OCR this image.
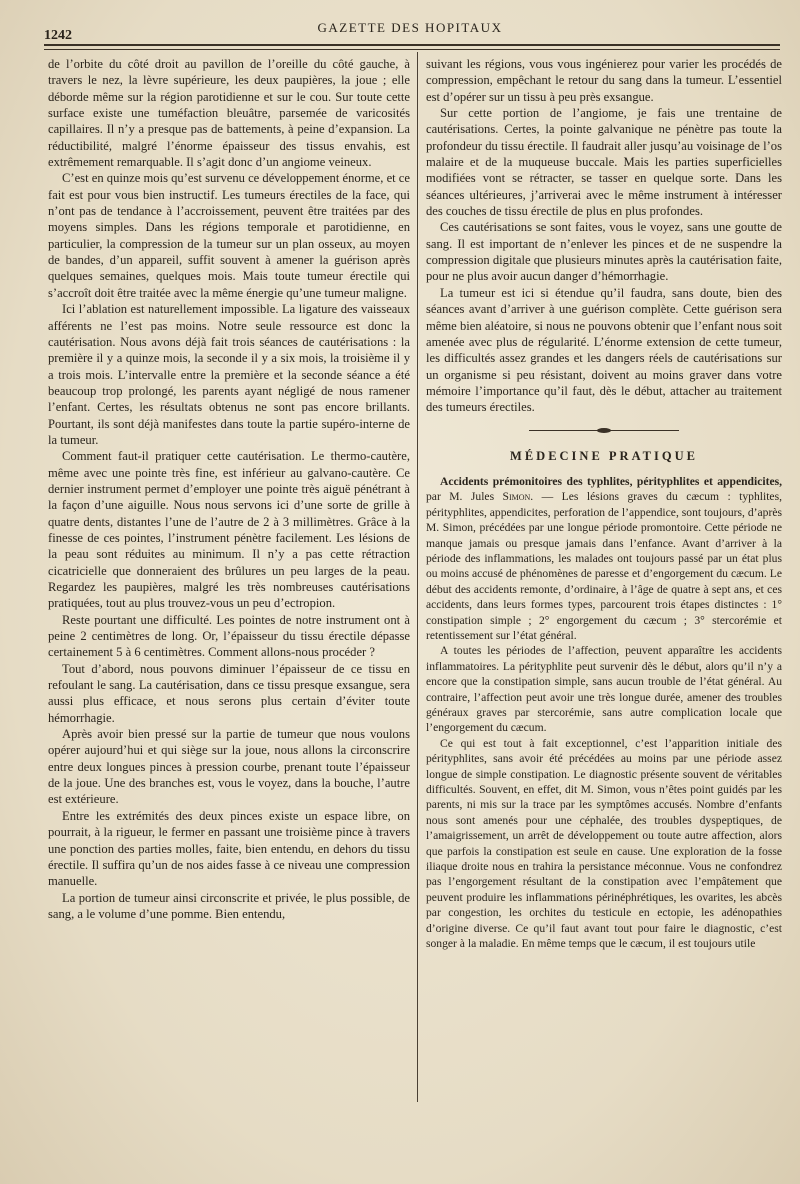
1242
GAZETTE DES HOPITAUX

de l’orbite du côté droit au pavillon de l’oreille du côté gauche, à travers le nez, la lèvre supérieure, les deux paupières, la joue ; elle déborde même sur la région parotidienne et sur le cou. Sur toute cette surface existe une tuméfaction bleuâtre, parsemée de varicosités capillaires. Il n’y a presque pas de battements, à peine d’expansion. La réductibilité, malgré l’énorme épaisseur des tissus envahis, est extrêmement remarquable. Il s’agit donc d’un angiome veineux.

C’est en quinze mois qu’est survenu ce développement énorme, et ce fait est pour vous bien instructif. Les tumeurs érectiles de la face, qui n’ont pas de tendance à l’accroissement, peuvent être traitées par des moyens simples. Dans les régions temporale et parotidienne, en particulier, la compression de la tumeur sur un plan osseux, au moyen de bandes, d’un appareil, suffit souvent à amener la guérison après quelques semaines, quelques mois. Mais toute tumeur érectile qui s’accroît doit être traitée avec la même énergie qu’une tumeur maligne.

Ici l’ablation est naturellement impossible. La ligature des vaisseaux afférents ne l’est pas moins. Notre seule ressource est donc la cautérisation. Nous avons déjà fait trois séances de cautérisations : la première il y a quinze mois, la seconde il y a six mois, la troisième il y a trois mois. L’intervalle entre la première et la seconde séance a été beaucoup trop prolongé, les parents ayant négligé de nous ramener l’enfant. Certes, les résultats obtenus ne sont pas encore brillants. Pourtant, ils sont déjà manifestes dans toute la partie supéro-interne de la tumeur.

Comment faut-il pratiquer cette cautérisation. Le thermo-cautère, même avec une pointe très fine, est inférieur au galvano-cautère. Ce dernier instrument permet d’employer une pointe très aiguë pénétrant à la façon d’une aiguille. Nous nous servons ici d’une sorte de grille à quatre dents, distantes l’une de l’autre de 2 à 3 millimètres. Grâce à la finesse de ces pointes, l’instrument pénètre facilement. Les lésions de la peau sont réduites au minimum. Il n’y a pas cette rétraction cicatricielle que donneraient des brûlures un peu larges de la peau. Regardez les paupières, malgré les très nombreuses cautérisations pratiquées, tout au plus trouvez-vous un peu d’ectropion.

Reste pourtant une difficulté. Les pointes de notre instrument ont à peine 2 centimètres de long. Or, l’épaisseur du tissu érectile dépasse certainement 5 à 6 centimètres. Comment allons-nous procéder ?

Tout d’abord, nous pouvons diminuer l’épaisseur de ce tissu en refoulant le sang. La cautérisation, dans ce tissu presque exsangue, sera aussi plus efficace, et nous serons plus certain d’éviter toute hémorrhagie.

Après avoir bien pressé sur la partie de tumeur que nous voulons opérer aujourd’hui et qui siège sur la joue, nous allons la circonscrire entre deux longues pinces à pression courbe, prenant toute l’épaisseur de la joue. Une des branches est, vous le voyez, dans la bouche, l’autre est extérieure.

Entre les extrémités des deux pinces existe un espace libre, on pourrait, à la rigueur, le fermer en passant une troisième pince à travers une ponction des parties molles, faite, bien entendu, en dehors du tissu érectile. Il suffira qu’un de nos aides fasse à ce niveau une compression manuelle.

La portion de tumeur ainsi circonscrite et privée, le plus possible, de sang, a le volume d’une pomme. Bien entendu,

suivant les régions, vous vous ingénierez pour varier les procédés de compression, empêchant le retour du sang dans la tumeur. L’essentiel est d’opérer sur un tissu à peu près exsangue.

Sur cette portion de l’angiome, je fais une trentaine de cautérisations. Certes, la pointe galvanique ne pénètre pas toute la profondeur du tissu érectile. Il faudrait aller jusqu’au voisinage de l’os malaire et de la muqueuse buccale. Mais les parties superficielles modifiées vont se rétracter, se tasser en quelque sorte. Dans les séances ultérieures, j’arriverai avec le même instrument à intéresser des couches de tissu érectile de plus en plus profondes.

Ces cautérisations se sont faites, vous le voyez, sans une goutte de sang. Il est important de n’enlever les pinces et de ne suspendre la compression digitale que plusieurs minutes après la cautérisation faite, pour ne plus avoir aucun danger d’hémorrhagie.

La tumeur est ici si étendue qu’il faudra, sans doute, bien des séances avant d’arriver à une guérison complète. Cette guérison sera même bien aléatoire, si nous ne pouvons obtenir que l’enfant nous soit amenée avec plus de régularité. L’énorme extension de cette tumeur, les difficultés assez grandes et les dangers réels de cautérisations sur un organisme si peu résistant, doivent au moins graver dans votre mémoire l’importance qu’il faut, dès le début, attacher au traitement des tumeurs érectiles.

MÉDECINE PRATIQUE

Accidents prémonitoires des typhlites, pérityphlites et appendicites, par M. Jules Simon. — Les lésions graves du cæcum : typhlites, pérityphlites, appendicites, perforation de l’appendice, sont toujours, d’après M. Simon, précédées par une longue période promontoire. Cette période ne manque jamais ou presque jamais dans l’enfance. Avant d’arriver à la période des inflammations, les malades ont toujours passé par un état plus ou moins accusé de phénomènes de paresse et d’engorgement du cæcum. Le début des accidents remonte, d’ordinaire, à l’âge de quatre à sept ans, et ces accidents, dans leurs formes types, parcourent trois étapes distinctes : 1° constipation simple ; 2° engorgement du cæcum ; 3° stercorémie et retentissement sur l’état général.

A toutes les périodes de l’affection, peuvent apparaître les accidents inflammatoires. La pérityphlite peut survenir dès le début, alors qu’il n’y a encore que la constipation simple, sans aucun trouble de l’état général. Au contraire, l’affection peut avoir une très longue durée, amener des troubles généraux graves par stercorémie, sans autre complication locale que l’engorgement du cæcum.

Ce qui est tout à fait exceptionnel, c’est l’apparition initiale des pérityphlites, sans avoir été précédées au moins par une période assez longue de simple constipation. Le diagnostic présente souvent de véritables difficultés. Souvent, en effet, dit M. Simon, vous n’êtes point guidés par les parents, ni mis sur la trace par les symptômes accusés. Nombre d’enfants nous sont amenés pour une céphalée, des troubles dyspeptiques, de l’amaigrissement, un arrêt de développement ou toute autre affection, alors que parfois la constipation est seule en cause. Une exploration de la fosse iliaque droite nous en trahira la persistance méconnue. Vous ne confondrez pas l’engorgement résultant de la constipation avec l’empâtement que peuvent produire les inflammations périnéphrétiques, les ovarites, les abcès par congestion, les orchites du testicule en ectopie, les adénopathies d’origine diverse. Ce qu’il faut avant tout pour faire le diagnostic, c’est songer à la maladie. En même temps que le cæcum, il est toujours utile
